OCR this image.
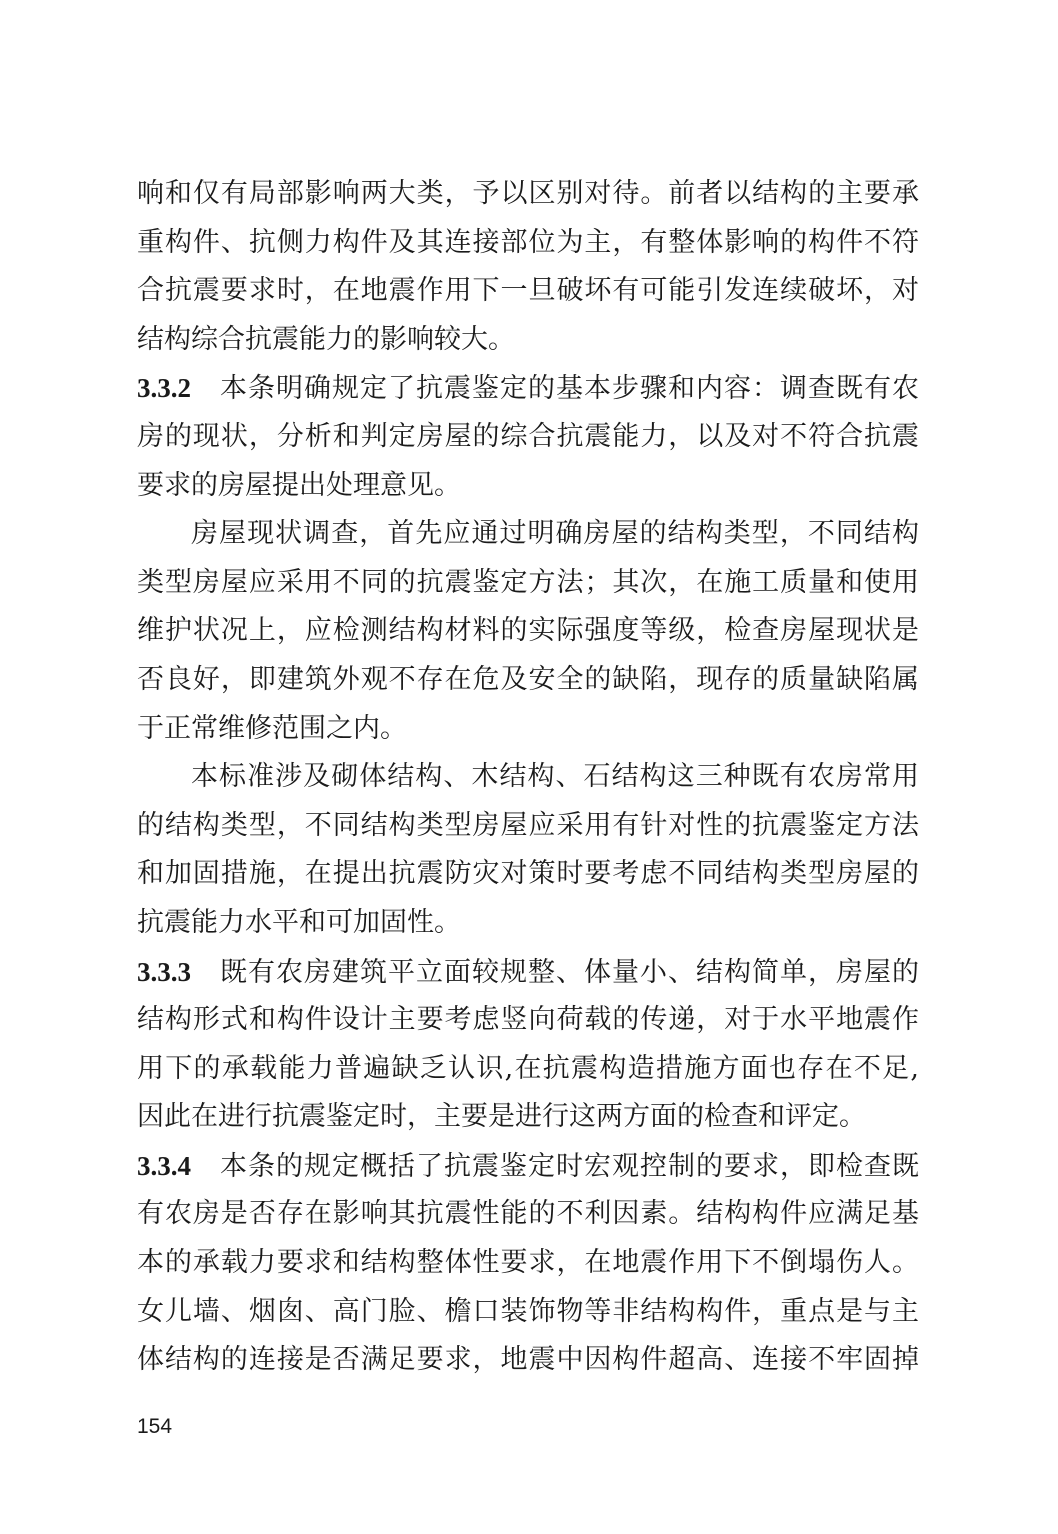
响和仅有局部影响两大类，予以区别对待。前者以结构的主要承
重构件、抗侧力构件及其连接部位为主，有整体影响的构件不符
合抗震要求时，在地震作用下一旦破坏有可能引发连续破坏，对
结构综合抗震能力的影响较大。
3.3.2 本条明确规定了抗震鉴定的基本步骤和内容：调查既有农
房的现状，分析和判定房屋的综合抗震能力，以及对不符合抗震
要求的房屋提出处理意见。
房屋现状调查，首先应通过明确房屋的结构类型，不同结构
类型房屋应采用不同的抗震鉴定方法；其次，在施工质量和使用
维护状况上，应检测结构材料的实际强度等级，检查房屋现状是
否良好，即建筑外观不存在危及安全的缺陷，现存的质量缺陷属
于正常维修范围之内。
本标准涉及砌体结构、木结构、石结构这三种既有农房常用
的结构类型，不同结构类型房屋应采用有针对性的抗震鉴定方法
和加固措施，在提出抗震防灾对策时要考虑不同结构类型房屋的
抗震能力水平和可加固性。
3.3.3 既有农房建筑平立面较规整、体量小、结构简单，房屋的
结构形式和构件设计主要考虑竖向荷载的传递，对于水平地震作
用下的承载能力普遍缺乏认识,在抗震构造措施方面也存在不足,
因此在进行抗震鉴定时，主要是进行这两方面的检查和评定。
3.3.4 本条的规定概括了抗震鉴定时宏观控制的要求，即检查既
有农房是否存在影响其抗震性能的不利因素。结构构件应满足基
本的承载力要求和结构整体性要求，在地震作用下不倒塌伤人。
女儿墙、烟囱、高门脸、檐口装饰物等非结构构件，重点是与主
体结构的连接是否满足要求，地震中因构件超高、连接不牢固掉
154
